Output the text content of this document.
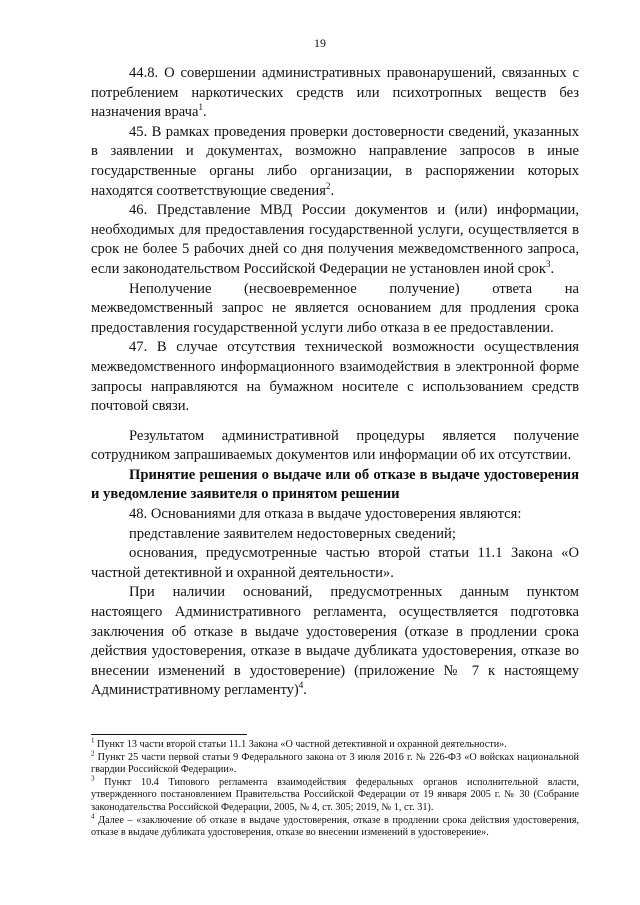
19

44.8. О совершении административных правонарушений, связанных с потреблением наркотических средств или психотропных веществ без назначения врача$^1$.

45. В рамках проведения проверки достоверности сведений, указанных в заявлении и документах, возможно направление запросов в иные государственные органы либо организации, в распоряжении которых находятся соответствующие сведения$^2$.

46. Представление МВД России документов и (или) информации, необходимых для предоставления государственной услуги, осуществляется в срок не более 5 рабочих дней со дня получения межведомственного запроса, если законодательством Российской Федерации не установлен иной срок$^3$.

Неполучение (несвоевременное получение) ответа на межведомственный запрос не является основанием для продления срока предоставления государственной услуги либо отказа в ее предоставлении.

47. В случае отсутствия технической возможности осуществления межведомственного информационного взаимодействия в электронной форме запросы направляются на бумажном носителе с использованием средств почтовой связи.

Результатом административной процедуры является получение сотрудником запрашиваемых документов или информации об их отсутствии.

Принятие решения о выдаче или об отказе в выдаче удостоверения и уведомление заявителя о принятом решении

48. Основаниями для отказа в выдаче удостоверения являются:

представление заявителем недостоверных сведений;

основания, предусмотренные частью второй статьи 11.1 Закона «О частной детективной и охранной деятельности».

При наличии оснований, предусмотренных данным пунктом настоящего Административного регламента, осуществляется подготовка заключения об отказе в выдаче удостоверения (отказе в продлении срока действия удостоверения, отказе в выдаче дубликата удостоверения, отказе во внесении изменений в удостоверение) (приложение № 7 к настоящему Административному регламенту)$^4$.

$^1$ Пункт 13 части второй статьи 11.1 Закона «О частной детективной и охранной деятельности».

$^2$ Пункт 25 части первой статьи 9 Федерального закона от 3 июля 2016 г. № 226-ФЗ «О войсках национальной гвардии Российской Федерации».

$^3$ Пункт 10.4 Типового регламента взаимодействия федеральных органов исполнительной власти, утвержденного постановлением Правительства Российской Федерации от 19 января 2005 г. № 30 (Собрание законодательства Российской Федерации, 2005, № 4, ст. 305; 2019, № 1, ст. 31).

$^4$ Далее – «заключение об отказе в выдаче удостоверения, отказе в продлении срока действия удостоверения, отказе в выдаче дубликата удостоверения, отказе во внесении изменений в удостоверение».
